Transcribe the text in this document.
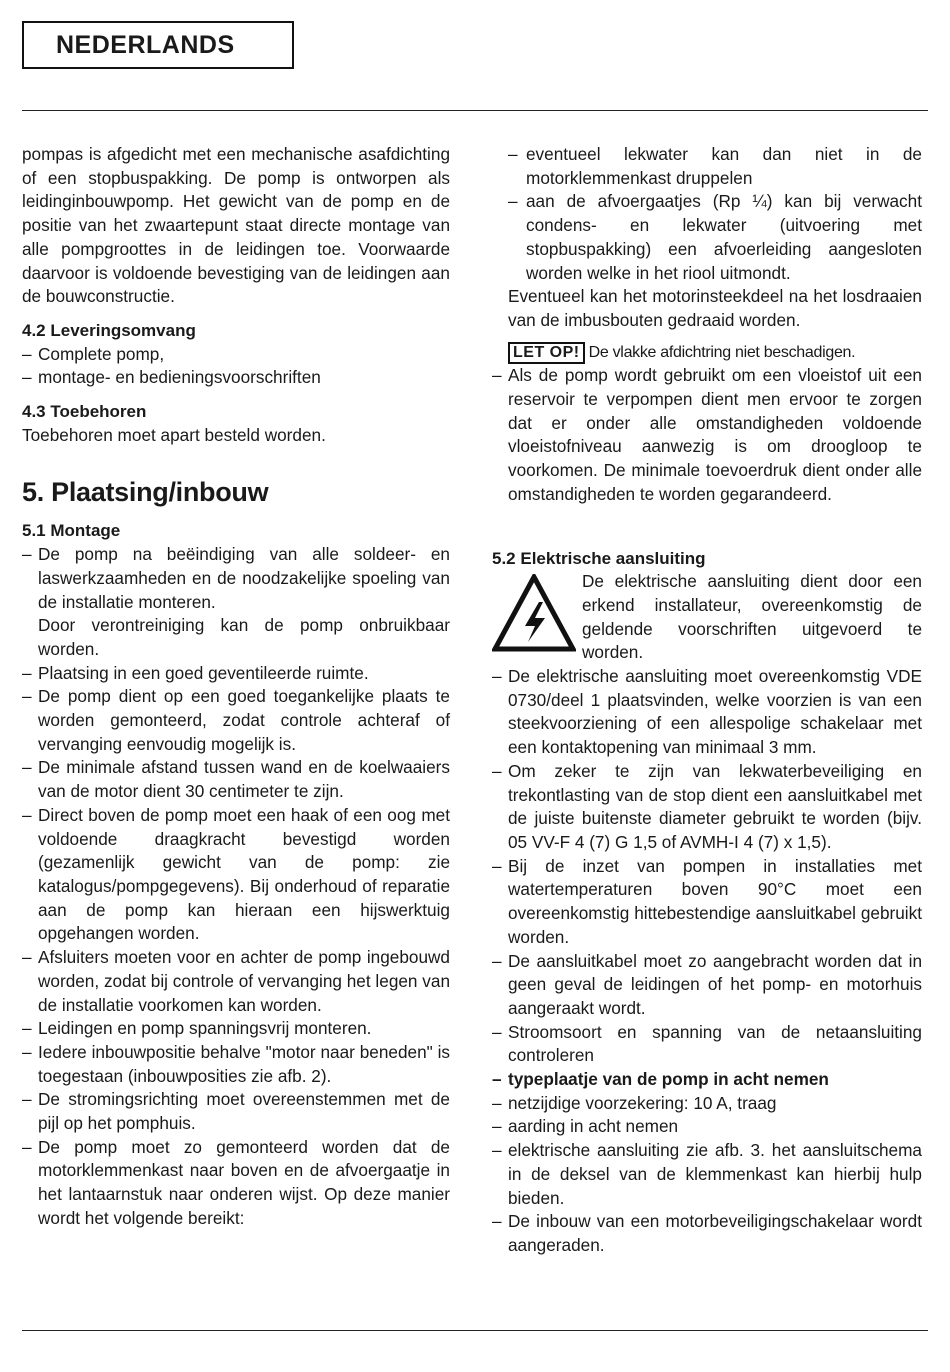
NEDERLANDS

pompas is afgedicht met een mechanische asafdichting of een stopbuspakking. De pomp is ontworpen als leidinginbouwpomp. Het gewicht van de pomp en de positie van het zwaartepunt staat directe montage van alle pompgroottes in de leidingen toe. Voorwaarde daarvoor is voldoende bevestiging van de leidingen aan de bouwconstructie.

4.2 Leveringsomvang
– Complete pomp,
– montage- en bedieningsvoorschriften
4.3 Toebehoren

Toebehoren moet apart besteld worden.

5. Plaatsing/inbouw
5.1 Montage
– De pomp na beëindiging van alle soldeer- en laswerkzaamheden en de noodzakelijke spoeling van de installatie monteren.
Door verontreiniging kan de pomp onbruikbaar worden.
– Plaatsing in een goed geventileerde ruimte.
– De pomp dient op een goed toegankelijke plaats te worden gemonteerd, zodat controle achteraf of vervanging eenvoudig mogelijk is.
– De minimale afstand tussen wand en de koelwaaiers van de motor dient 30 centimeter te zijn.
– Direct boven de pomp moet een haak of een oog met voldoende draagkracht bevestigd worden (gezamenlijk gewicht van de pomp: zie katalogus/pompgegevens). Bij onderhoud of reparatie aan de pomp kan hieraan een hijswerktuig opgehangen worden.
– Afsluiters moeten voor en achter de pomp ingebouwd worden, zodat bij controle of vervanging het legen van de installatie voorkomen kan worden.
– Leidingen en pomp spanningsvrij monteren.
– Iedere inbouwpositie behalve "motor naar beneden" is toegestaan (inbouwposities zie afb. 2).
– De stromingsrichting moet overeenstemmen met de pijl op het pomphuis.
– De pomp moet zo gemonteerd worden dat de motorklemmenkast naar boven en de afvoergaatje in het lantaarnstuk naar onderen wijst. Op deze manier wordt het volgende bereikt:
– eventueel lekwater kan dan niet in de motorklemmenkast druppelen
– aan de afvoergaatjes (Rp ¼) kan bij verwacht condens- en lekwater (uitvoering met stopbuspakking) een afvoerleiding aangesloten worden welke in het riool uitmondt.

Eventueel kan het motorinsteekdeel na het losdraaien van de imbusbouten gedraaid worden.

LET OP! De vlakke afdichtring niet beschadigen.
– Als de pomp wordt gebruikt om een vloeistof uit een reservoir te verpompen dient men ervoor te zorgen dat er onder alle omstandigheden voldoende vloeistofniveau aanwezig is om droogloop te voorkomen. De minimale toevoerdruk dient onder alle omstandigheden te worden gegarandeerd.
5.2 Elektrische aansluiting

De elektrische aansluiting dient door een erkend installateur, overeenkomstig de geldende voorschriften uitgevoerd te worden.

– De elektrische aansluiting moet overeenkomstig VDE 0730/deel 1 plaatsvinden, welke voorzien is van een steekvoorziening of een allespolige schakelaar met een kontaktopening van minimaal 3 mm.
– Om zeker te zijn van lekwaterbeveiliging en trekontlasting van de stop dient een aansluitkabel met de juiste buitenste diameter gebruikt te worden (bijv. 05 VV-F 4 (7) G 1,5 of AVMH-I 4 (7) x 1,5).
– Bij de inzet van pompen in installaties met watertemperaturen boven 90°C moet een overeenkomstig hittebestendige aansluitkabel gebruikt worden.
– De aansluitkabel moet zo aangebracht worden dat in geen geval de leidingen of het pomp- en motorhuis aangeraakt wordt.
– Stroomsoort en spanning van de netaansluiting controleren
– typeplaatje van de pomp in acht nemen
– netzijdige voorzekering: 10 A, traag
– aarding in acht nemen
– elektrische aansluiting zie afb. 3. het aansluitschema in de deksel van de klemmenkast kan hierbij hulp bieden.
– De inbouw van een motorbeveiligingschakelaar wordt aangeraden.
